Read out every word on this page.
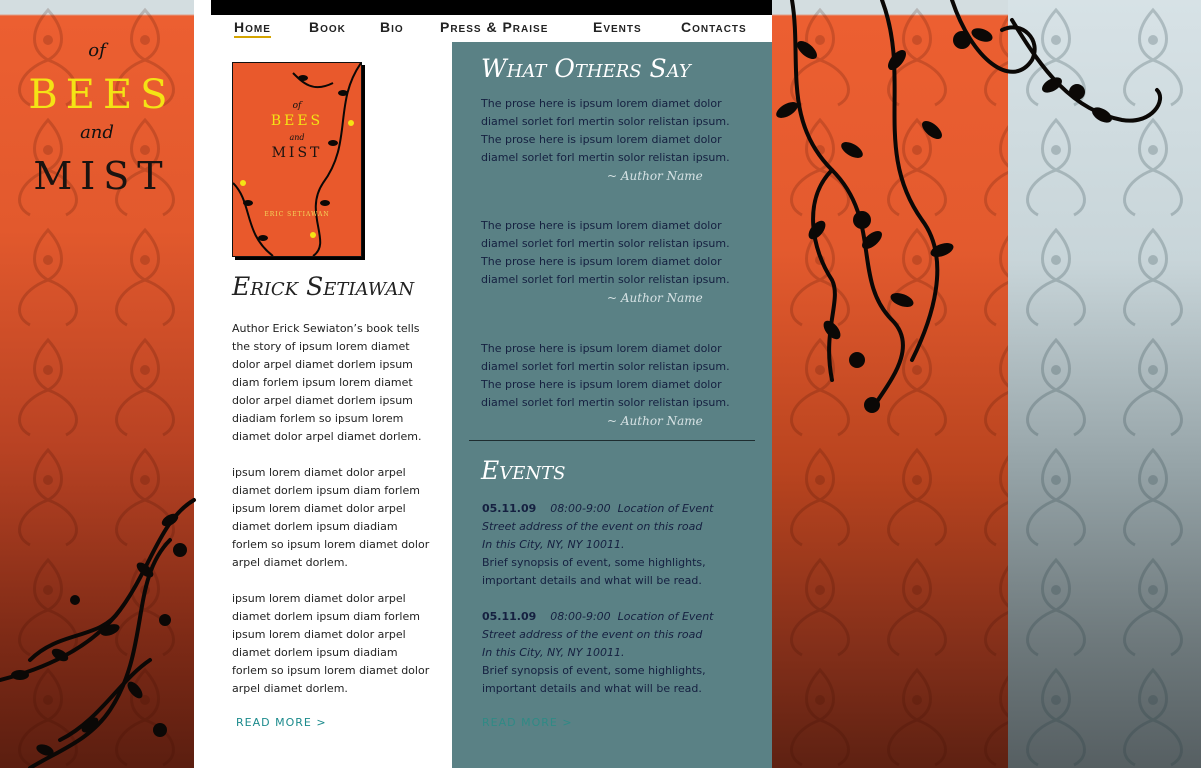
of
BEES
and
MIST
Home	Book Bio	Press & Praise	Events	Contacts
of
BEES
and
MIST
ERIC SETIAWAN
Erick Setiawan

Author Erick Sewiaton’s book tells the story of ipsum lorem diamet dolor arpel diamet dorlem ipsum diam forlem ipsum lorem diamet dolor arpel diamet dorlem ipsum diadiam forlem so ipsum lorem diamet dolor arpel diamet dorlem.

ipsum lorem diamet dolor arpel diamet dorlem ipsum diam forlem ipsum lorem diamet dolor arpel diamet dorlem ipsum diadiam forlem so ipsum lorem diamet dolor arpel diamet dorlem.

ipsum lorem diamet dolor arpel diamet dorlem ipsum diam forlem ipsum lorem diamet dolor arpel diamet dorlem ipsum diadiam forlem so ipsum lorem diamet dolor arpel diamet dorlem.

READ MORE >
What Others Say
The prose here is ipsum lorem diamet dolor diamel sorlet forl mertin solor relistan ipsum. The prose here is ipsum lorem diamet dolor diamel sorlet forl mertin solor relistan ipsum.
~ Author Name
The prose here is ipsum lorem diamet dolor diamel sorlet forl mertin solor relistan ipsum. The prose here is ipsum lorem diamet dolor diamel sorlet forl mertin solor relistan ipsum.
~ Author Name
The prose here is ipsum lorem diamet dolor diamel sorlet forl mertin solor relistan ipsum. The prose here is ipsum lorem diamet dolor diamel sorlet forl mertin solor relistan ipsum.
~ Author Name
Events
05.11.09 08:00-9:00 Location of Event
Street address of the event on this road
In this City, NY, NY 10011.
Brief synopsis of event, some highlights, important details and what will be read.
05.11.09 08:00-9:00 Location of Event
Street address of the event on this road
In this City, NY, NY 10011.
Brief synopsis of event, some highlights, important details and what will be read.
READ MORE >
